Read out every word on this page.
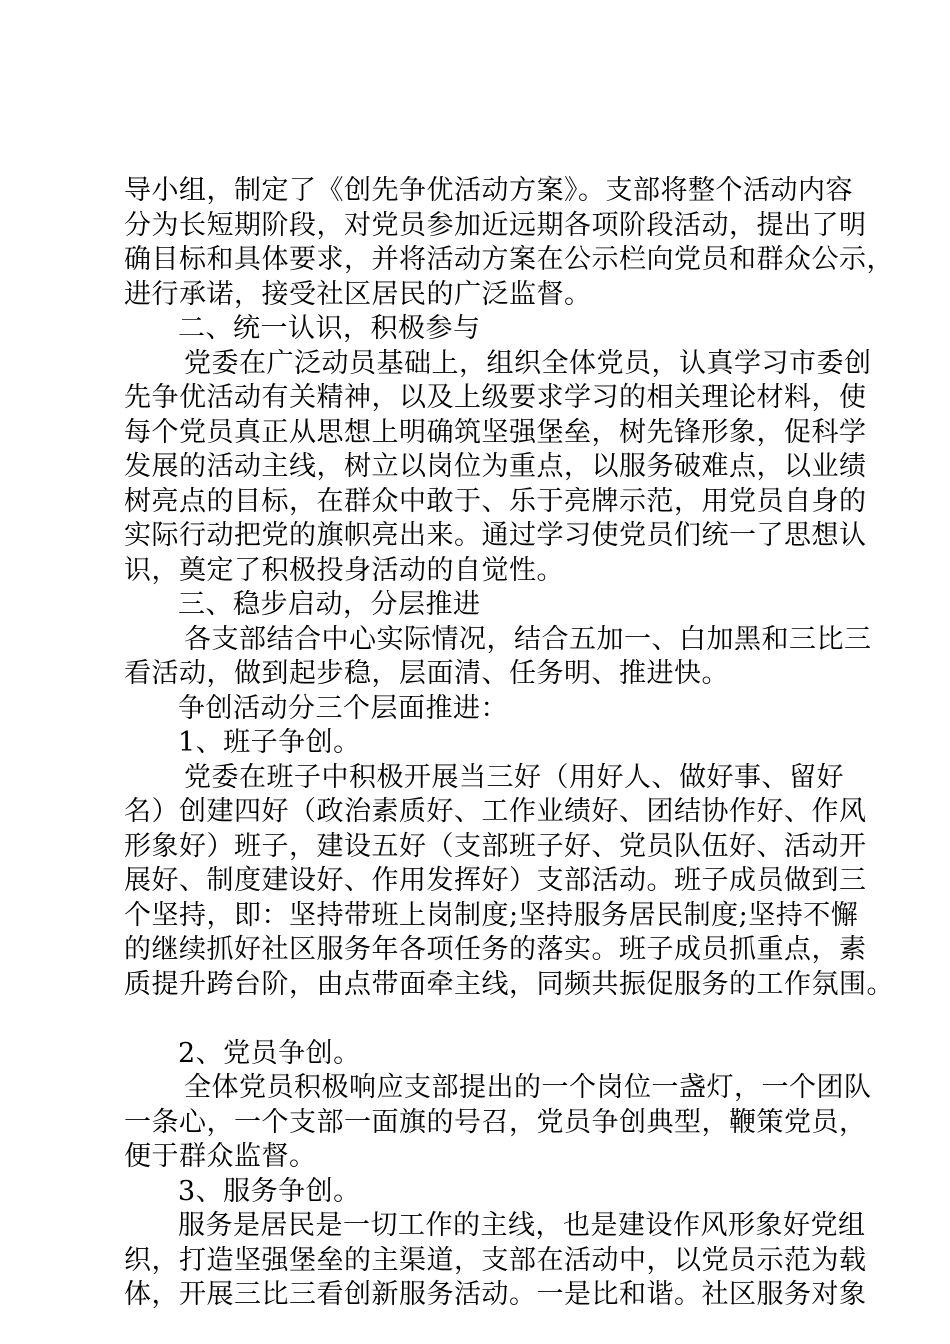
导小组，制定了《创先争优活动方案》。支部将整个活动内容
分为长短期阶段，对党员参加近远期各项阶段活动，提出了明
确目标和具体要求，并将活动方案在公示栏向党员和群众公示，
进行承诺，接受社区居民的广泛监督。
二、统一认识，积极参与
党委在广泛动员基础上，组织全体党员，认真学习市委创
先争优活动有关精神，以及上级要求学习的相关理论材料，使
每个党员真正从思想上明确筑坚强堡垒，树先锋形象，促科学
发展的活动主线，树立以岗位为重点，以服务破难点，以业绩
树亮点的目标，在群众中敢于、乐于亮牌示范，用党员自身的
实际行动把党的旗帜亮出来。通过学习使党员们统一了思想认
识，奠定了积极投身活动的自觉性。
三、稳步启动，分层推进
各支部结合中心实际情况，结合五加一、白加黑和三比三
看活动，做到起步稳，层面清、任务明、推进快。
争创活动分三个层面推进：
1、班子争创。
党委在班子中积极开展当三好（用好人、做好事、留好
名）创建四好（政治素质好、工作业绩好、团结协作好、作风
形象好）班子，建设五好（支部班子好、党员队伍好、活动开
展好、制度建设好、作用发挥好）支部活动。班子成员做到三
个坚持，即：坚持带班上岗制度;坚持服务居民制度;坚持不懈
的继续抓好社区服务年各项任务的落实。班子成员抓重点，素
质提升跨台阶，由点带面牵主线，同频共振促服务的工作氛围。
2、党员争创。
全体党员积极响应支部提出的一个岗位一盏灯，一个团队
一条心，一个支部一面旗的号召，党员争创典型，鞭策党员，
便于群众监督。
3、服务争创。
服务是居民是一切工作的主线，也是建设作风形象好党组
织，打造坚强堡垒的主渠道，支部在活动中，以党员示范为载
体，开展三比三看创新服务活动。一是比和谐。社区服务对象
